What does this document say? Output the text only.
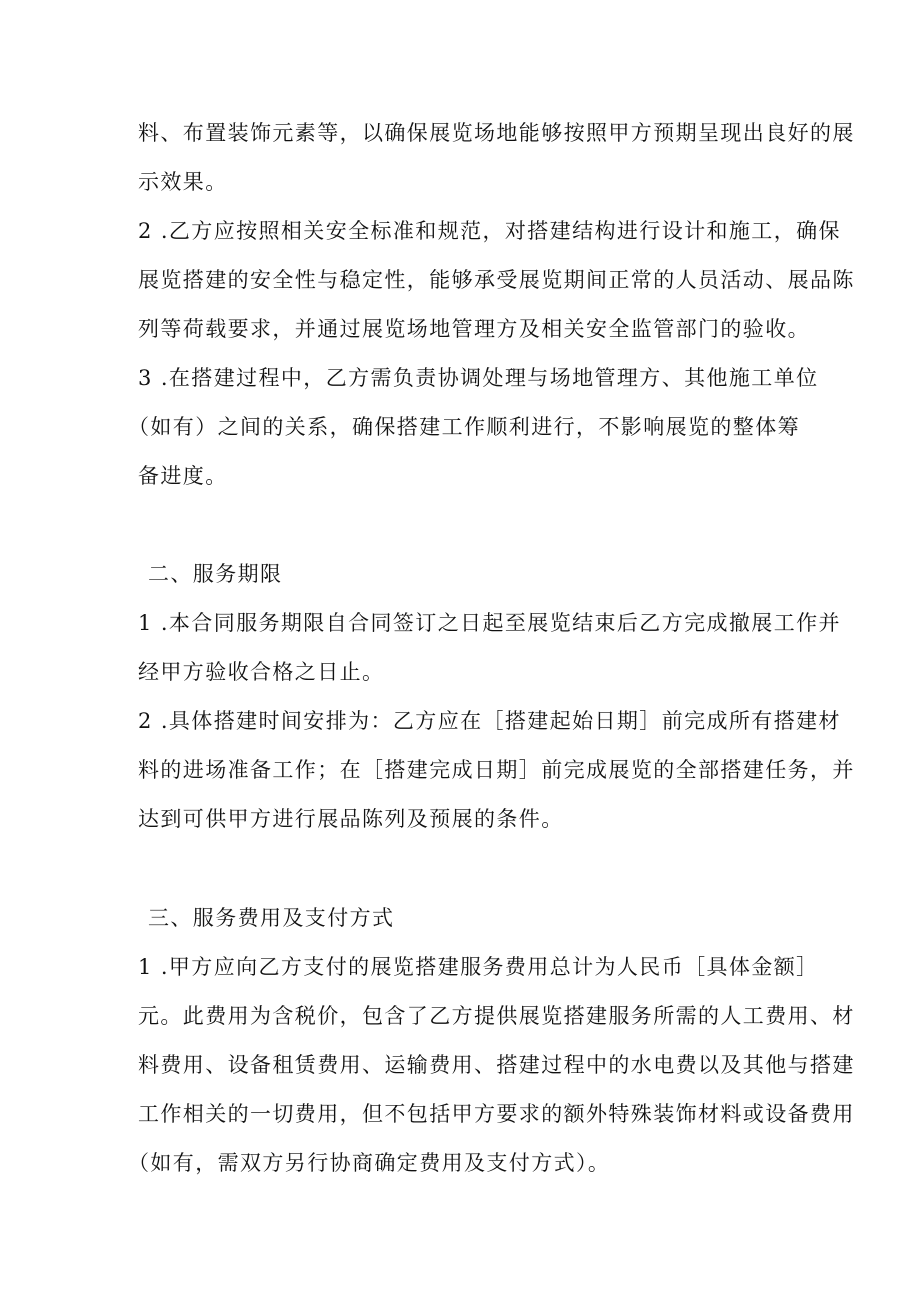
料、布置装饰元素等，以确保展览场地能够按照甲方预期呈现出良好的展
示效果。
2 .乙方应按照相关安全标准和规范，对搭建结构进行设计和施工，确保
展览搭建的安全性与稳定性，能够承受展览期间正常的人员活动、展品陈
列等荷载要求，并通过展览场地管理方及相关安全监管部门的验收。
3 .在搭建过程中，乙方需负责协调处理与场地管理方、其他施工单位
（如有）之间的关系，确保搭建工作顺利进行，不影响展览的整体筹
备进度。
二、服务期限
1 .本合同服务期限自合同签订之日起至展览结束后乙方完成撤展工作并
经甲方验收合格之日止。
2 .具体搭建时间安排为：乙方应在［搭建起始日期］前完成所有搭建材
料的进场准备工作；在［搭建完成日期］前完成展览的全部搭建任务，并
达到可供甲方进行展品陈列及预展的条件。
三、服务费用及支付方式
1 .甲方应向乙方支付的展览搭建服务费用总计为人民币［具体金额］
元。此费用为含税价，包含了乙方提供展览搭建服务所需的人工费用、材
料费用、设备租赁费用、运输费用、搭建过程中的水电费以及其他与搭建
工作相关的一切费用，但不包括甲方要求的额外特殊装饰材料或设备费用
（如有，需双方另行协商确定费用及支付方式）。
